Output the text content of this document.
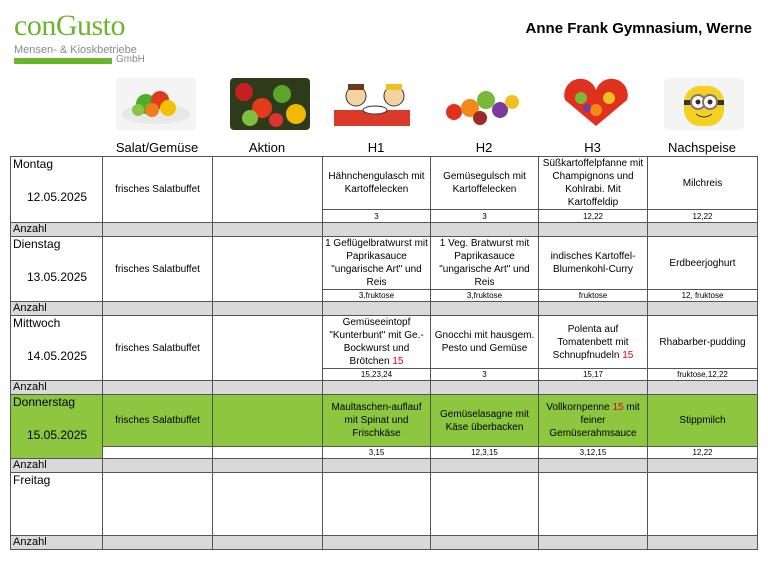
conGusto
Mensen- & Kioskbetriebe
GmbH
Anne Frank Gymnasium, Werne
Salat/Gemüse	Aktion	H1	H2	H3	Nachspeise
Montag
12.05.2025	frisches Salatbuffet		Hähnchengulasch mit Kartoffelecken	Gemüsegulsch mit Kartoffelecken	Süßkartoffelpfanne mit Champignons und Kohlrabi. Mit Kartoffeldip	Milchreis
			3	3	12,22	12,22
Anzahl						

Dienstag
13.05.2025	frisches Salatbuffet		1 Geflügelbratwurst mit Paprikasauce "ungarische Art" und Reis	1 Veg. Bratwurst mit Paprikasauce "ungarische Art" und Reis	indisches Kartoffel-Blumenkohl-Curry	Erdbeerjoghurt
			3,fruktose	3,fruktose	fruktose	12, fruktose
Anzahl						

Mittwoch
14.05.2025	frisches Salatbuffet		Gemüseeintopf "Kunterbunt" mit Ge.-Bockwurst und Brötchen 15	Gnocchi mit hausgem. Pesto und Gemüse	Polenta auf Tomatenbett mit Schnupfnudeln 15	Rhabarber-pudding
			15,23,24	3	15,17	fruktose,12,22
Anzahl						

Donnerstag
15.05.2025	frisches Salatbuffet		Maultaschen-auflauf mit Spinat und Frischkäse	Gemüselasagne mit Käse überbacken	Vollkornpenne 15 mit feiner Gemüserahmsauce	Stippmilch
			3,15	12,3,15	3,12,15	12,22
Anzahl						

Freitag						

Anzahl						
